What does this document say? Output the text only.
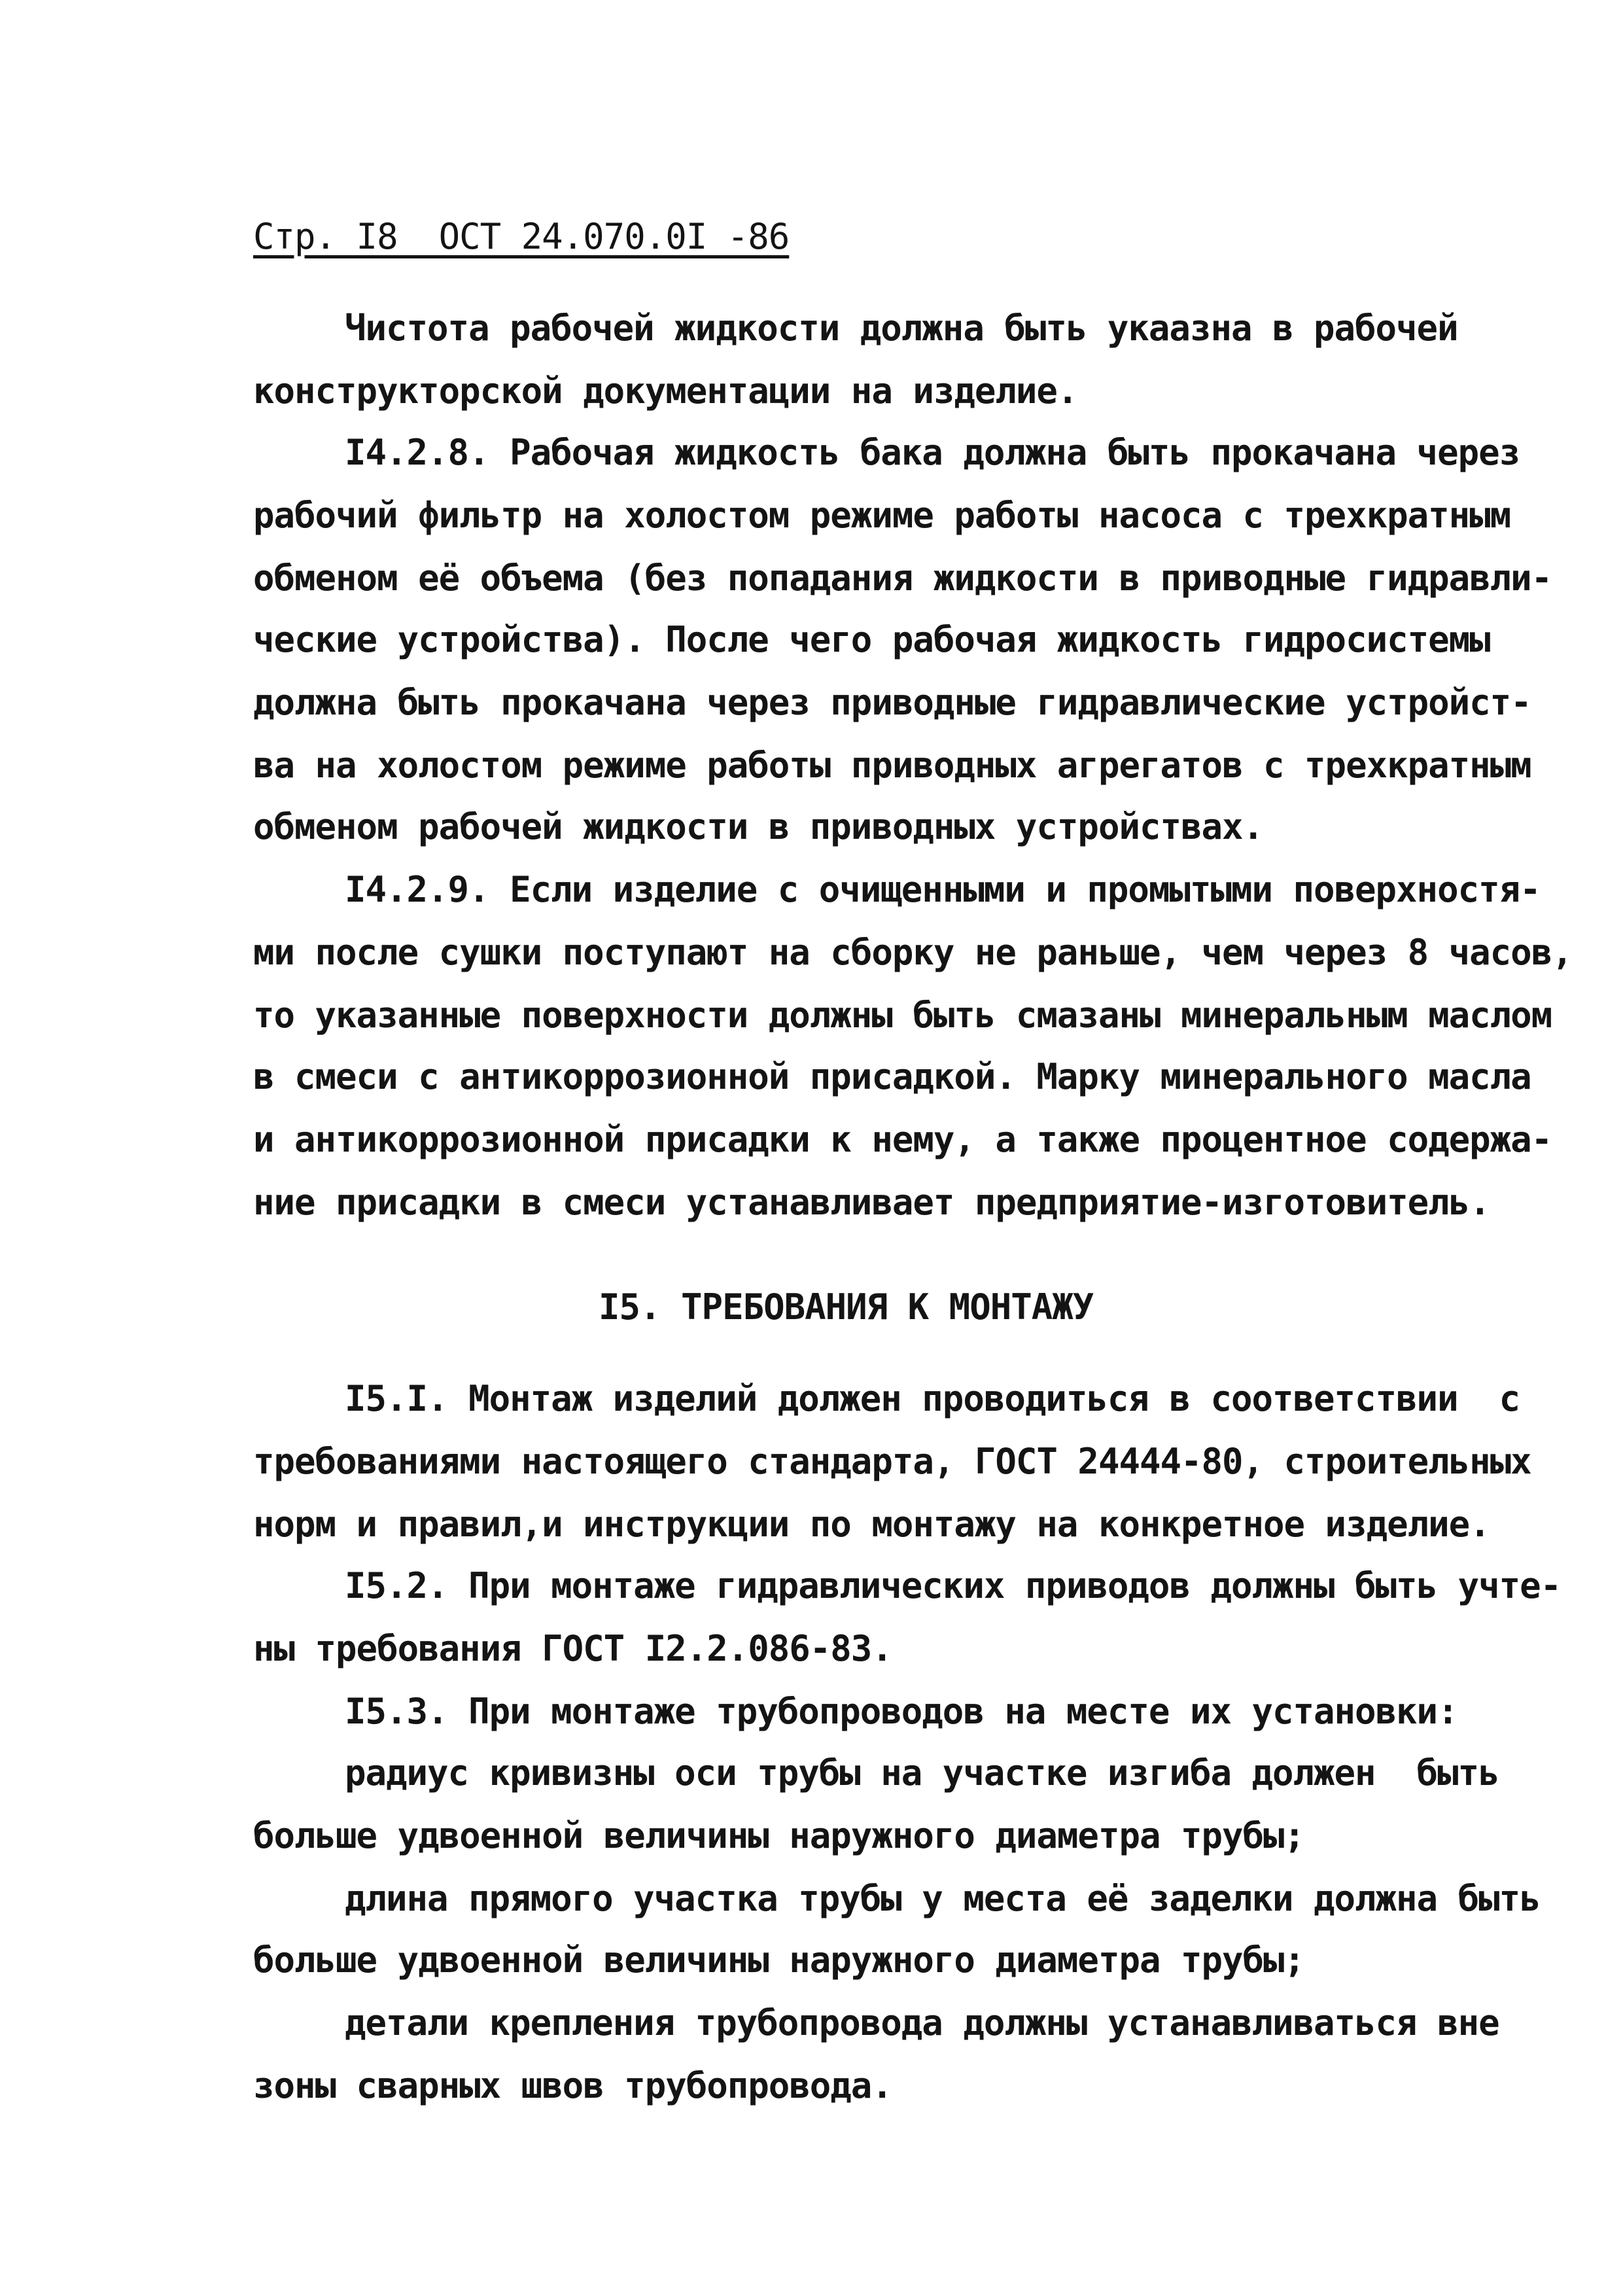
Стр. I8  ОСТ 24.070.0I -86
Чистота рабочей жидкости должна быть укаазна в рабочей
конструкторской документации на изделие.
I4.2.8. Рабочая жидкость бака должна быть прокачана через
рабочий фильтр на холостом режиме работы насоса с трехкратным
обменом её объема (без попадания жидкости в приводные гидравли-
ческие устройства). После чего рабочая жидкость гидросистемы
должна быть прокачана через приводные гидравлические устройст-
ва на холостом режиме работы приводных агрегатов с трехкратным
обменом рабочей жидкости в приводных устройствах.
I4.2.9. Если изделие с очищенными и промытыми поверхностя-
ми после сушки поступают на сборку не раньше, чем через 8 часов,
то указанные поверхности должны быть смазаны минеральным маслом
в смеси с антикоррозионной присадкой. Марку минерального масла
и антикоррозионной присадки к нему, а также процентное содержа-
ние присадки в смеси устанавливает предприятие-изготовитель.
I5. ТРЕБОВАНИЯ К МОНТАЖУ
I5.I. Монтаж изделий должен проводиться в соответствии  с
требованиями настоящего стандарта, ГОСТ 24444-80, строительных
норм и правил,и инструкции по монтажу на конкретное изделие.
I5.2. При монтаже гидравлических приводов должны быть учте-
ны требования ГОСТ I2.2.086-83.
I5.3. При монтаже трубопроводов на месте их установки:
радиус кривизны оси трубы на участке изгиба должен  быть
больше удвоенной величины наружного диаметра трубы;
длина прямого участка трубы у места её заделки должна быть
больше удвоенной величины наружного диаметра трубы;
детали крепления трубопровода должны устанавливаться вне
зоны сварных швов трубопровода.
